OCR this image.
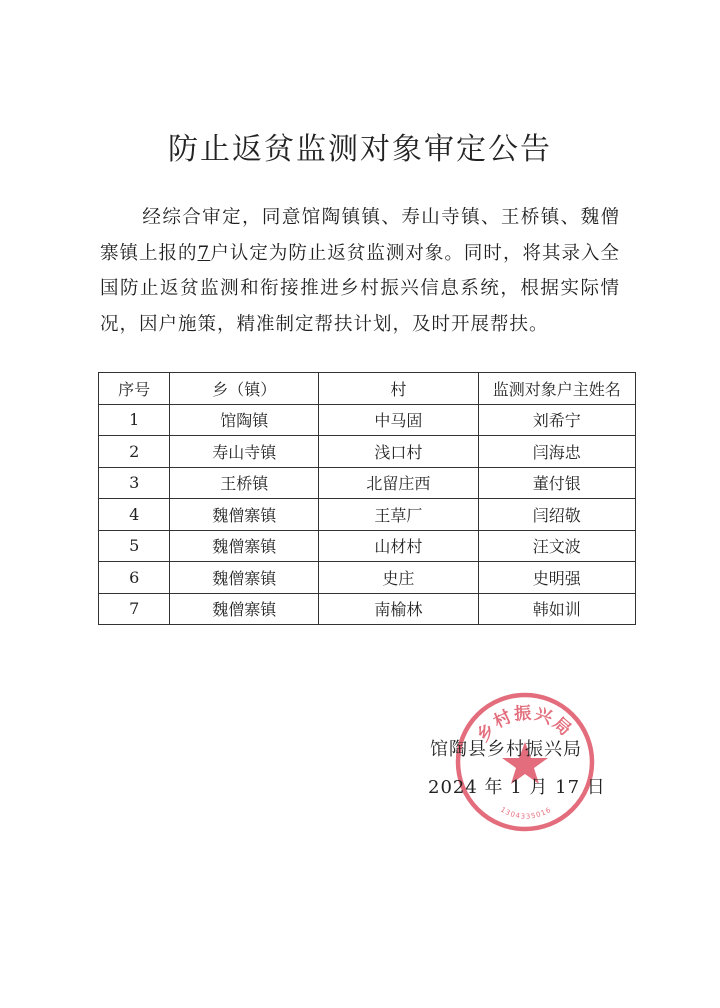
防止返贫监测对象审定公告
经综合审定，同意馆陶镇镇、寿山寺镇、王桥镇、魏僧寨镇上报的7户认定为防止返贫监测对象。同时，将其录入全国防止返贫监测和衔接推进乡村振兴信息系统，根据实际情况，因户施策，精准制定帮扶计划，及时开展帮扶。
序号	乡（镇）	村	监测对象户主姓名
1	馆陶镇	中马固	刘希宁
2	寿山寺镇	浅口村	闫海忠
3	王桥镇	北留庄西	董付银
4	魏僧寨镇	王草厂	闫绍敬
5	魏僧寨镇	山材村	汪文波
6	魏僧寨镇	史庄	史明强
7	魏僧寨镇	南榆林	韩如训
乡村振兴局
1304335016
馆陶县乡村振兴局
2024 年 1 月 17 日
